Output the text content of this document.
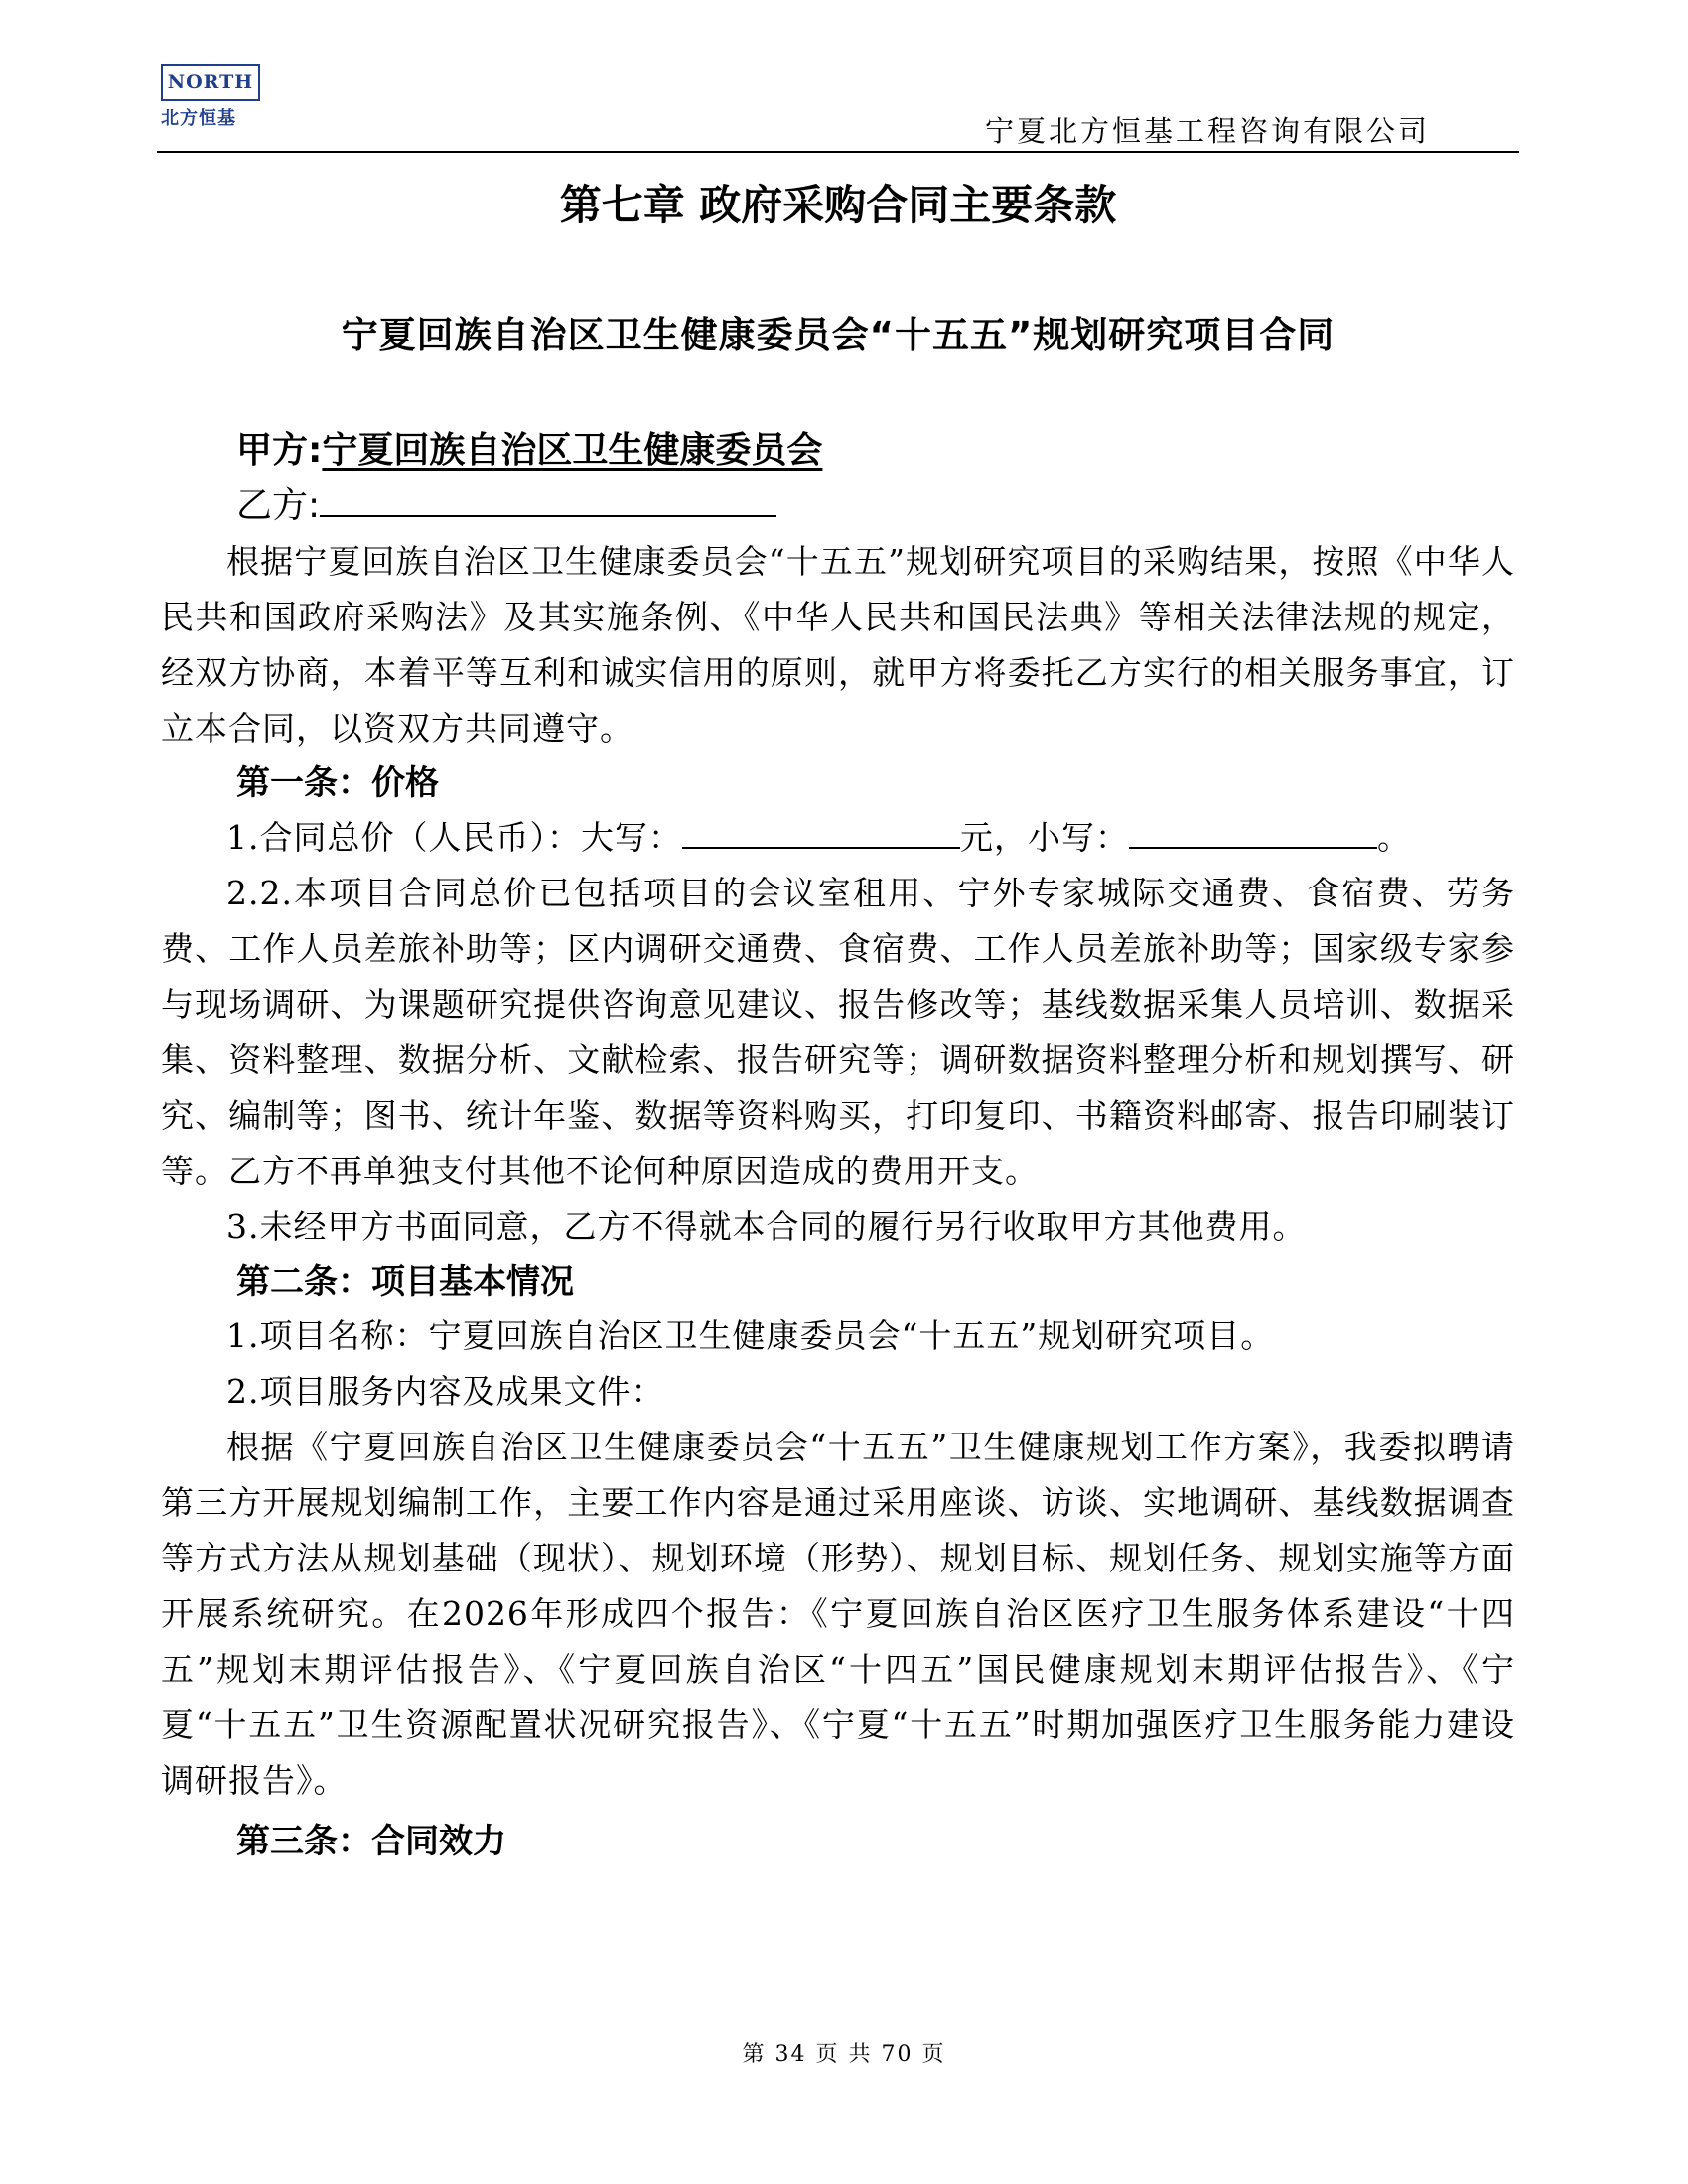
NORTH
北方恒基	宁夏北方恒基工程咨询有限公司
第七章 政府采购合同主要条款
宁夏回族自治区卫生健康委员会“十五五”规划研究项目合同

甲方:宁夏回族自治区卫生健康委员会

乙方:

根据宁夏回族自治区卫生健康委员会“十五五”规划研究项目的采购结果，按照《中华人民共和国政府采购法》及其实施条例、《中华人民共和国民法典》等相关法律法规的规定，经双方协商，本着平等互利和诚实信用的原则，就甲方将委托乙方实行的相关服务事宜，订立本合同，以资双方共同遵守。

第一条：价格

1.合同总价（人民币）：大写：	元，小写：	。

2.2.本项目合同总价已包括项目的会议室租用、宁外专家城际交通费、食宿费、劳务费、工作人员差旅补助等；区内调研交通费、食宿费、工作人员差旅补助等；国家级专家参与现场调研、为课题研究提供咨询意见建议、报告修改等；基线数据采集人员培训、数据采集、资料整理、数据分析、文献检索、报告研究等；调研数据资料整理分析和规划撰写、研究、编制等；图书、统计年鉴、数据等资料购买，打印复印、书籍资料邮寄、报告印刷装订等。乙方不再单独支付其他不论何种原因造成的费用开支。

3.未经甲方书面同意，乙方不得就本合同的履行另行收取甲方其他费用。

第二条：项目基本情况

1.项目名称：宁夏回族自治区卫生健康委员会“十五五”规划研究项目。

2.项目服务内容及成果文件：

根据《宁夏回族自治区卫生健康委员会“十五五”卫生健康规划工作方案》，我委拟聘请第三方开展规划编制工作，主要工作内容是通过采用座谈、访谈、实地调研、基线数据调查等方式方法从规划基础（现状）、规划环境（形势）、规划目标、规划任务、规划实施等方面开展系统研究。在2026年形成四个报告：《宁夏回族自治区医疗卫生服务体系建设“十四五”规划末期评估报告》、《宁夏回族自治区“十四五”国民健康规划末期评估报告》、《宁夏“十五五”卫生资源配置状况研究报告》、《宁夏“十五五”时期加强医疗卫生服务能力建设调研报告》。

第三条：合同效力

第 34 页 共 70 页
